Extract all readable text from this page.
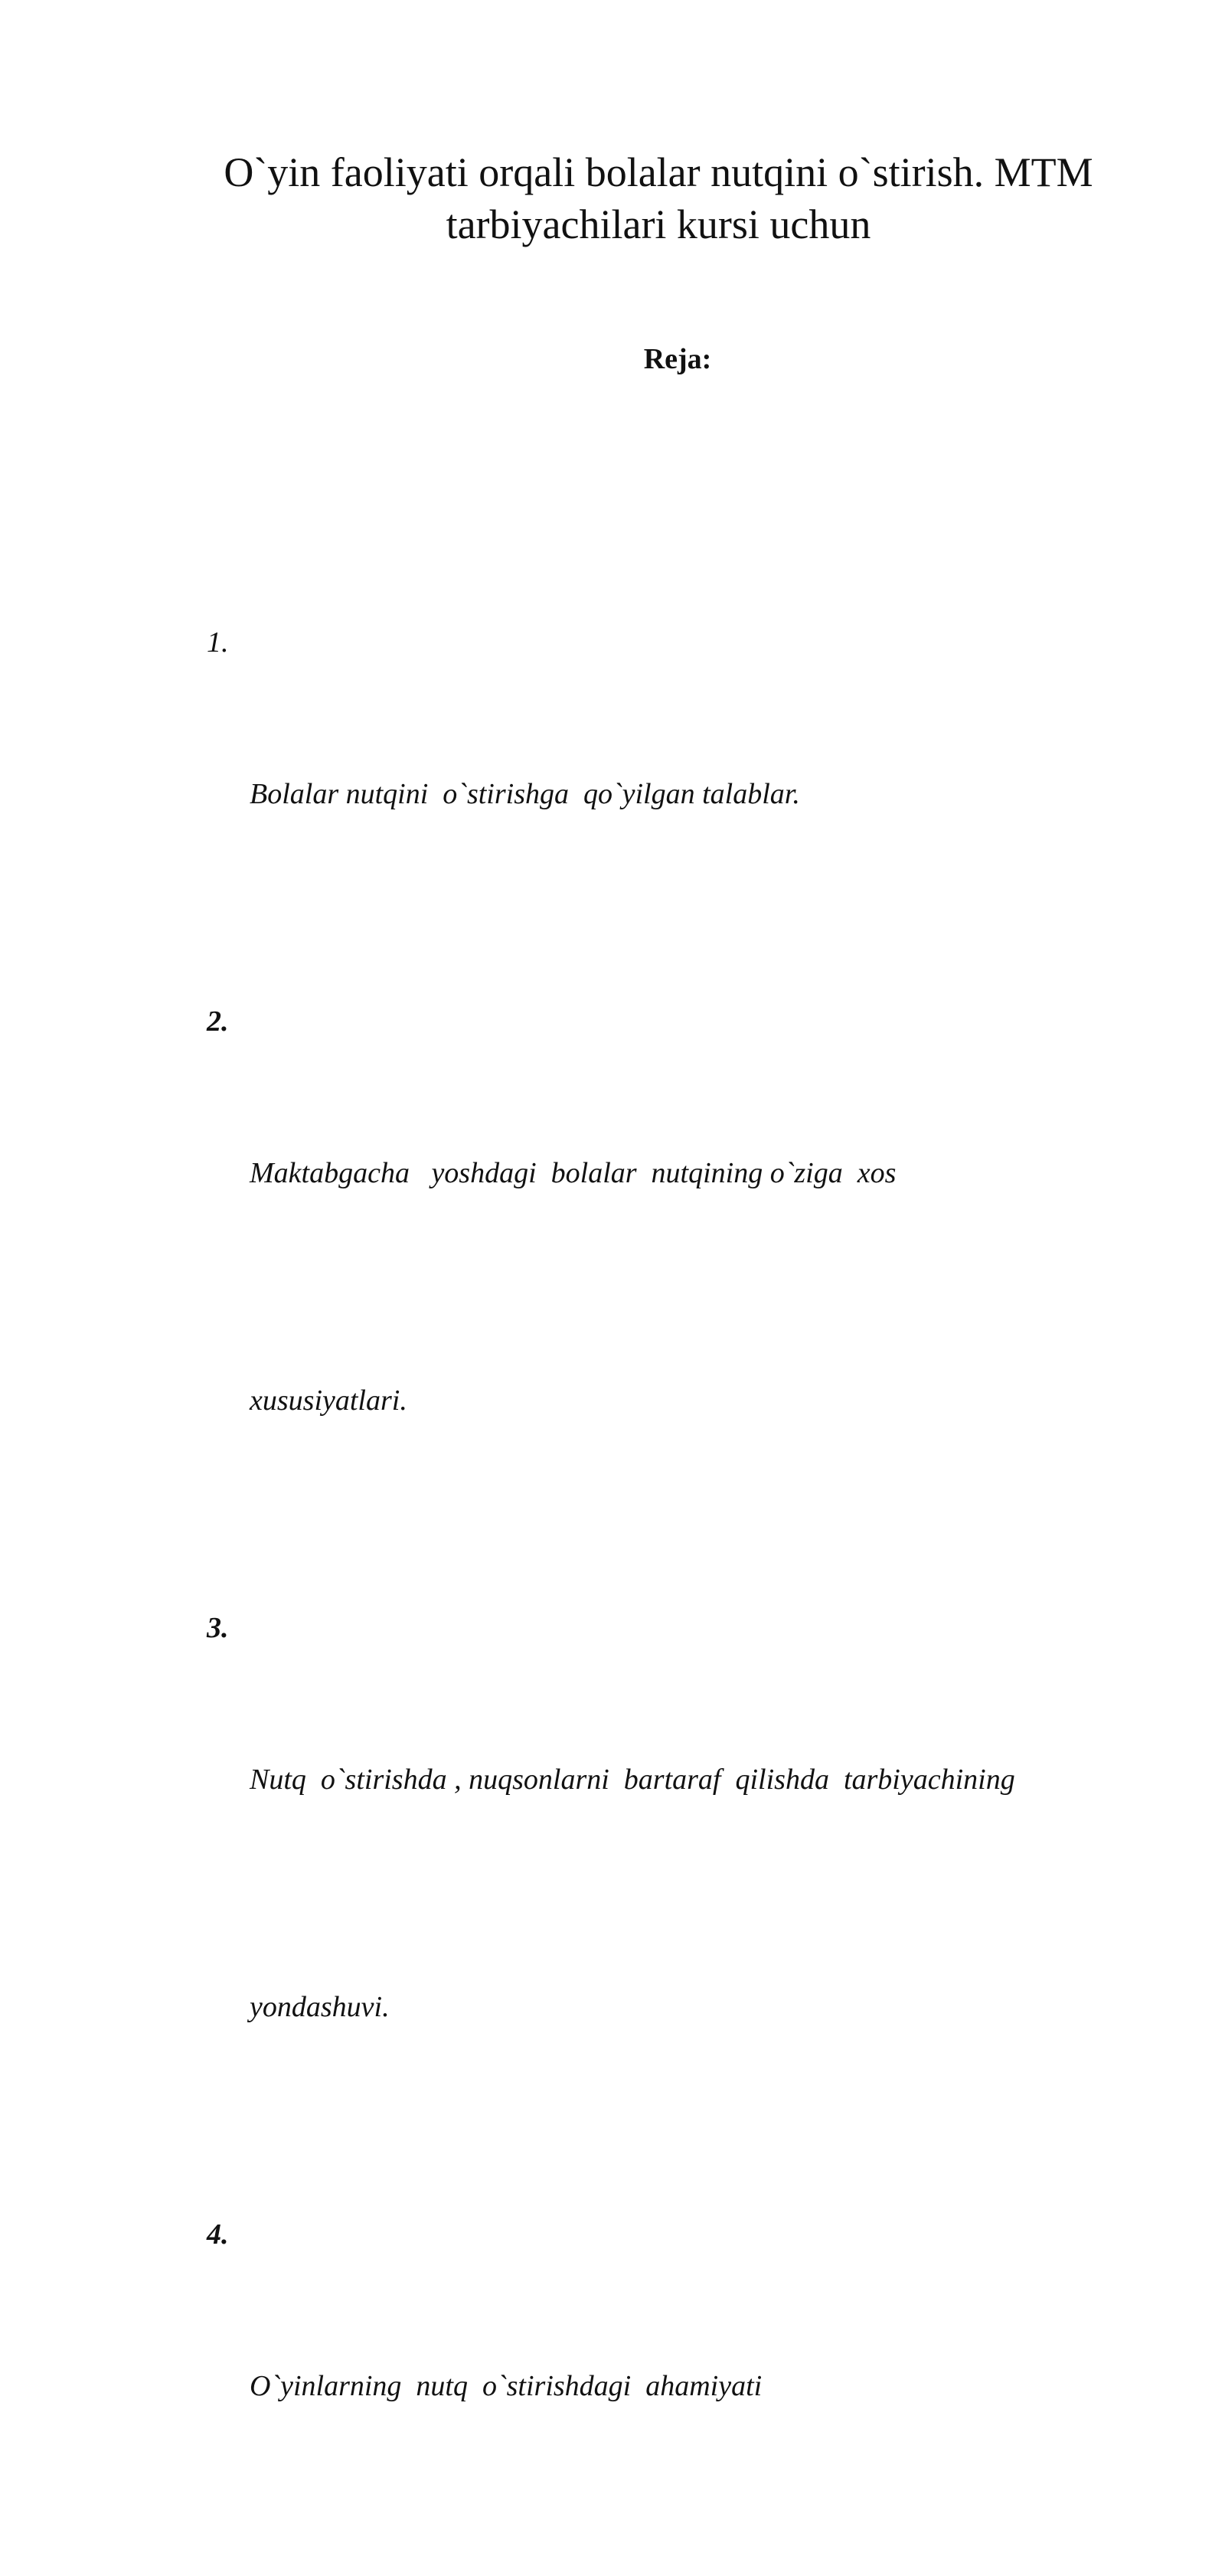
O`yin faoliyati orqali bolalar nutqini o`stirish. MTM
tarbiyachilari kursi uchun
Reja:
1.

Bolalar nutqini  o`stirishga  qo`yilgan talablar.

2.

Maktabgacha   yoshdagi  bolalar  nutqining o`ziga  xos

xususiyatlari.

3.

Nutq  o`stirishda , nuqsonlarni  bartaraf  qilishda  tarbiyachining

yondashuvi.

4.

O`yinlarning  nutq  o`stirishdagi  ahamiyati
